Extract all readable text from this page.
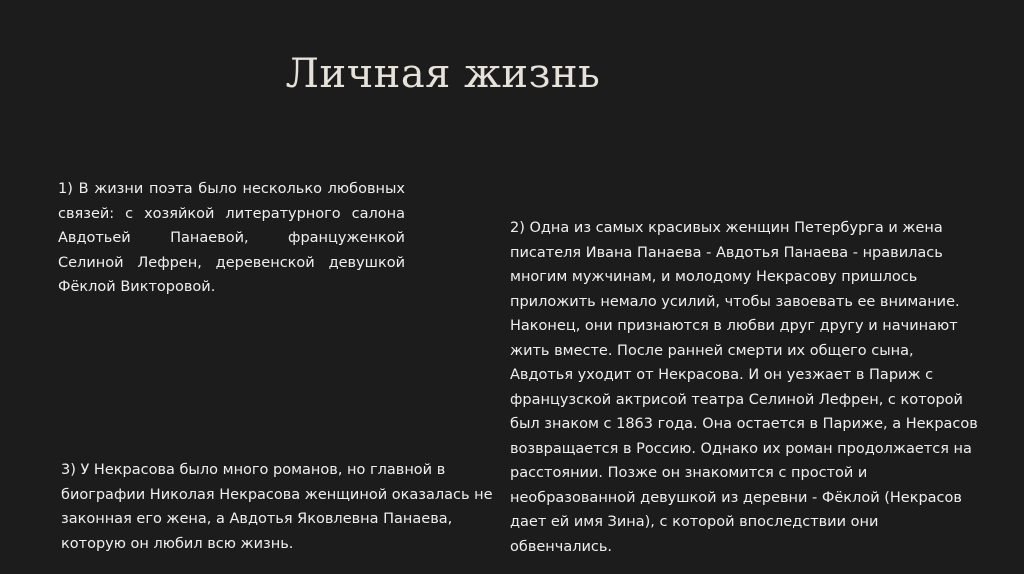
Личная жизнь
1) В жизни поэта было несколько любовных
связей: с хозяйкой литературного салона
Авдотьей Панаевой, француженкой
Селиной Лефрен, деревенской девушкой
Фёклой Викторовой.
2) Одна из самых красивых женщин Петербурга и жена
писателя Ивана Панаева - Авдотья Панаева - нравилась
многим мужчинам, и молодому Некрасову пришлось
приложить немало усилий, чтобы завоевать ее внимание.
Наконец, они признаются в любви друг другу и начинают
жить вместе. После ранней смерти их общего сына,
Авдотья уходит от Некрасова. И он уезжает в Париж с
французской актрисой театра Селиной Лефрен, с которой
был знаком с 1863 года. Она остается в Париже, а Некрасов
возвращается в Россию. Однако их роман продолжается на
расстоянии. Позже он знакомится с простой и
необразованной девушкой из деревни - Фёклой (Некрасов
дает ей имя Зина), с которой впоследствии они
обвенчались.
3) У Некрасова было много романов, но главной в
биографии Николая Некрасова женщиной оказалась не
законная его жена, а Авдотья Яковлевна Панаева,
которую он любил всю жизнь.
